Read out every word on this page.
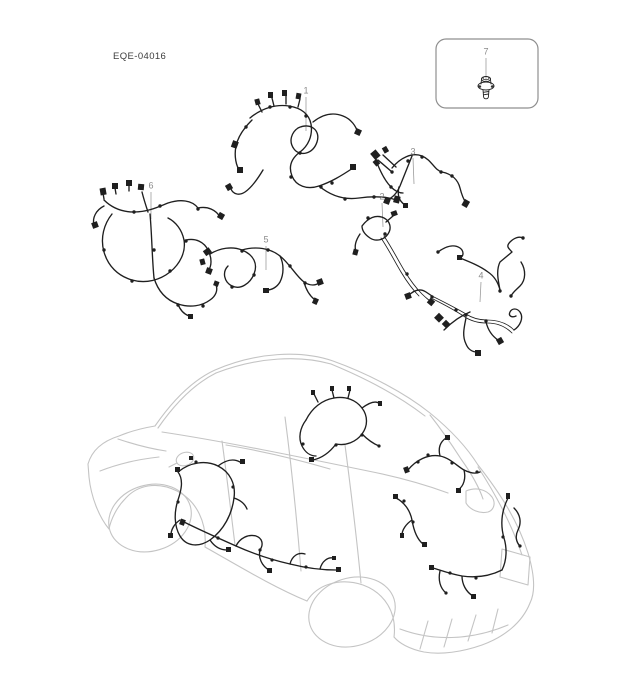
EQE-04016
1
2
3
4
5
6
7
